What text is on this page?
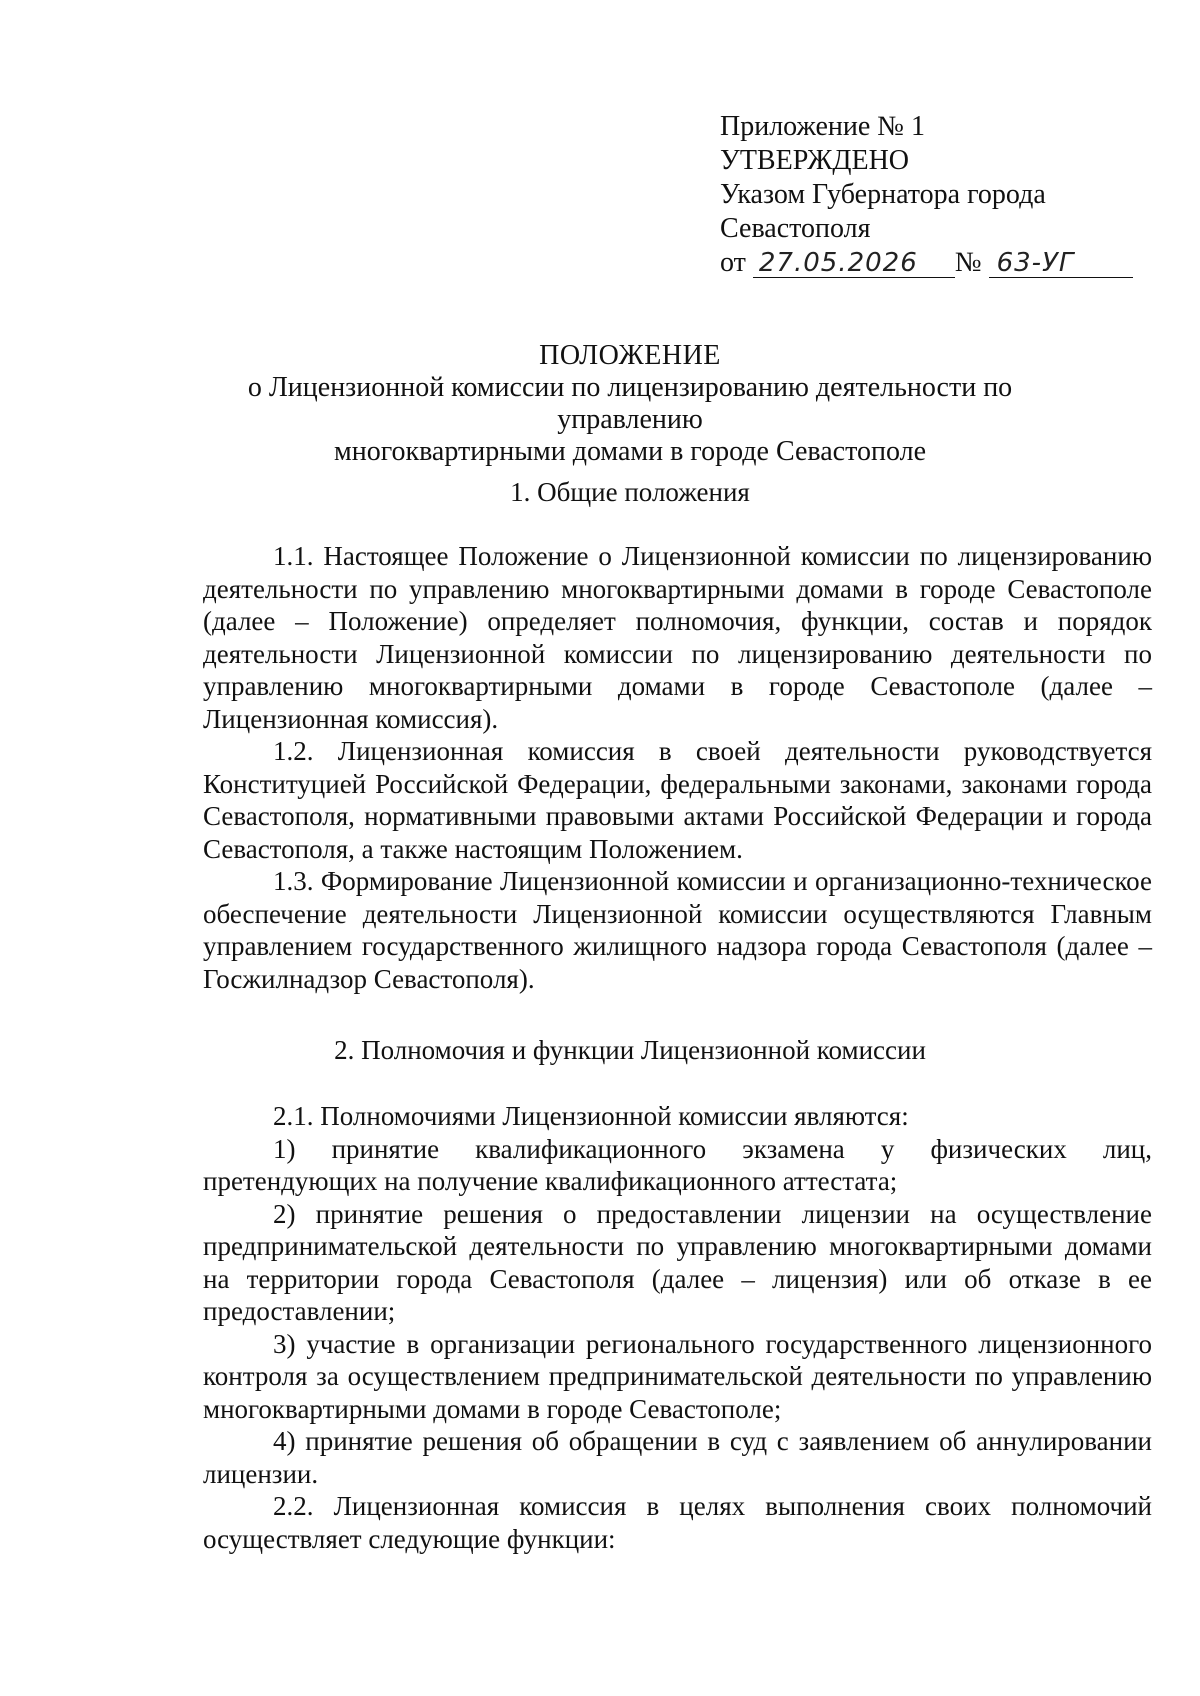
Приложение № 1
УТВЕРЖДЕНО
Указом Губернатора города
Севастополя
от 27.05.2026 № 63-УГ
ПОЛОЖЕНИЕ
о Лицензионной комиссии по лицензированию деятельности по управлению
многоквартирными домами в городе Севастополе
1. Общие положения

1.1. Настоящее Положение о Лицензионной комиссии по лицензированию деятельности по управлению многоквартирными домами в городе Севастополе (далее – Положение) определяет полномочия, функции, состав и порядок деятельности Лицензионной комиссии по лицензированию деятельности по управлению многоквартирными домами в городе Севастополе (далее – Лицензионная комиссия).

1.2. Лицензионная комиссия в своей деятельности руководствуется Конституцией Российской Федерации, федеральными законами, законами города Севастополя, нормативными правовыми актами Российской Федерации и города Севастополя, а также настоящим Положением.

1.3. Формирование Лицензионной комиссии и организационно-техническое обеспечение деятельности Лицензионной комиссии осуществляются Главным управлением государственного жилищного надзора города Севастополя (далее – Госжилнадзор Севастополя).

2. Полномочия и функции Лицензионной комиссии

2.1. Полномочиями Лицензионной комиссии являются:

1) принятие квалификационного экзамена у физических лиц, претендующих на получение квалификационного аттестата;

2) принятие решения о предоставлении лицензии на осуществление предпринимательской деятельности по управлению многоквартирными домами на территории города Севастополя (далее – лицензия) или об отказе в ее предоставлении;

3) участие в организации регионального государственного лицензионного контроля за осуществлением предпринимательской деятельности по управлению многоквартирными домами в городе Севастополе;

4) принятие решения об обращении в суд с заявлением об аннулировании лицензии.

2.2. Лицензионная комиссия в целях выполнения своих полномочий осуществляет следующие функции:
